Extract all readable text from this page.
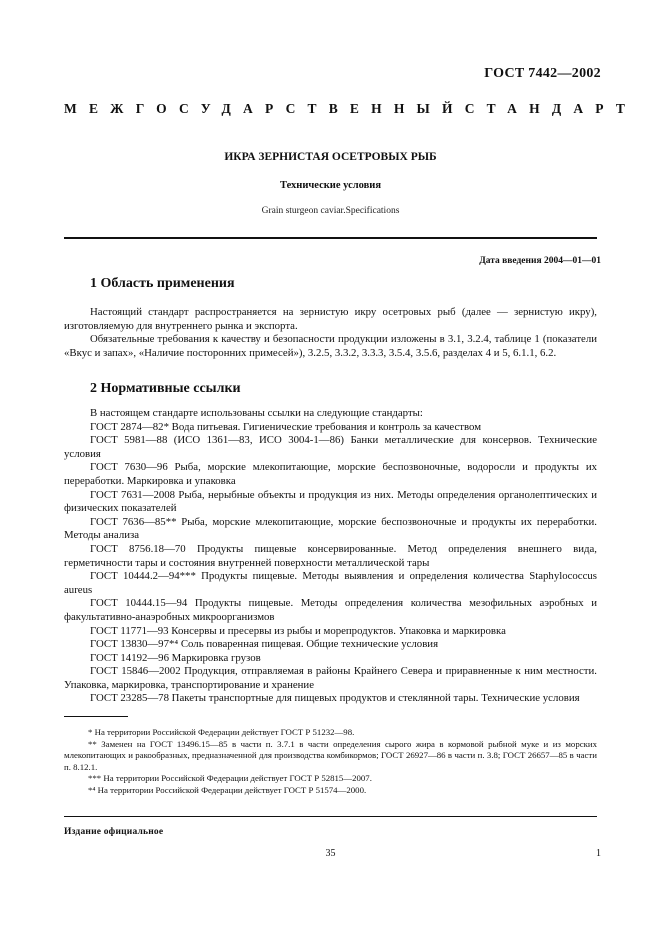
ГОСТ 7442—2002
МЕЖГОСУДАРСТВЕННЫЙ СТАНДАРТ
ИКРА ЗЕРНИСТАЯ ОСЕТРОВЫХ РЫБ
Технические условия
Grain sturgeon caviar.Specifications
Дата введения 2004—01—01
1 Область применения

Настоящий стандарт распространяется на зернистую икру осетровых рыб (далее — зернистую икру), изготовляемую для внутреннего рынка и экспорта.

Обязательные требования к качеству и безопасности продукции изложены в 3.1, 3.2.4, таблице 1 (показатели «Вкус и запах», «Наличие посторонних примесей»), 3.2.5, 3.3.2, 3.3.3, 3.5.4, 3.5.6, разделах 4 и 5, 6.1.1, 6.2.

2 Нормативные ссылки

В настоящем стандарте использованы ссылки на следующие стандарты:

ГОСТ 2874—82* Вода питьевая. Гигиенические требования и контроль за качеством

ГОСТ 5981—88 (ИСО 1361—83, ИСО 3004-1—86) Банки металлические для консервов. Технические условия

ГОСТ 7630—96 Рыба, морские млекопитающие, морские беспозвоночные, водоросли и продукты их переработки. Маркировка и упаковка

ГОСТ 7631—2008 Рыба, нерыбные объекты и продукция из них. Методы определения органолептических и физических показателей

ГОСТ 7636—85** Рыба, морские млекопитающие, морские беспозвоночные и продукты их переработки. Методы анализа

ГОСТ 8756.18—70 Продукты пищевые консервированные. Метод определения внешнего вида, герметичности тары и состояния внутренней поверхности металлической тары

ГОСТ 10444.2—94*** Продукты пищевые. Методы выявления и определения количества Staphylococcus aureus

ГОСТ 10444.15—94 Продукты пищевые. Методы определения количества мезофильных аэробных и факультативно-анаэробных микроорганизмов

ГОСТ 11771—93 Консервы и пресервы из рыбы и морепродуктов. Упаковка и маркировка

ГОСТ 13830—97*⁴ Соль поваренная пищевая. Общие технические условия

ГОСТ 14192—96 Маркировка грузов

ГОСТ 15846—2002 Продукция, отправляемая в районы Крайнего Севера и приравненные к ним местности. Упаковка, маркировка, транспортирование и хранение

ГОСТ 23285—78 Пакеты транспортные для пищевых продуктов и стеклянной тары. Технические условия

* На территории Российской Федерации действует ГОСТ Р 51232—98.

** Заменен на ГОСТ 13496.15—85 в части п. 3.7.1 в части определения сырого жира в кормовой рыбной муке и из морских млекопитающих и ракообразных, предназначенной для производства комбикормов; ГОСТ 26927—86 в части п. 3.8; ГОСТ 26657—85 в части п. 8.12.1.

*** На территории Российской Федерации действует ГОСТ Р 52815—2007.

*⁴ На территории Российской Федерации действует ГОСТ Р 51574—2000.

Издание официальное
35	1
